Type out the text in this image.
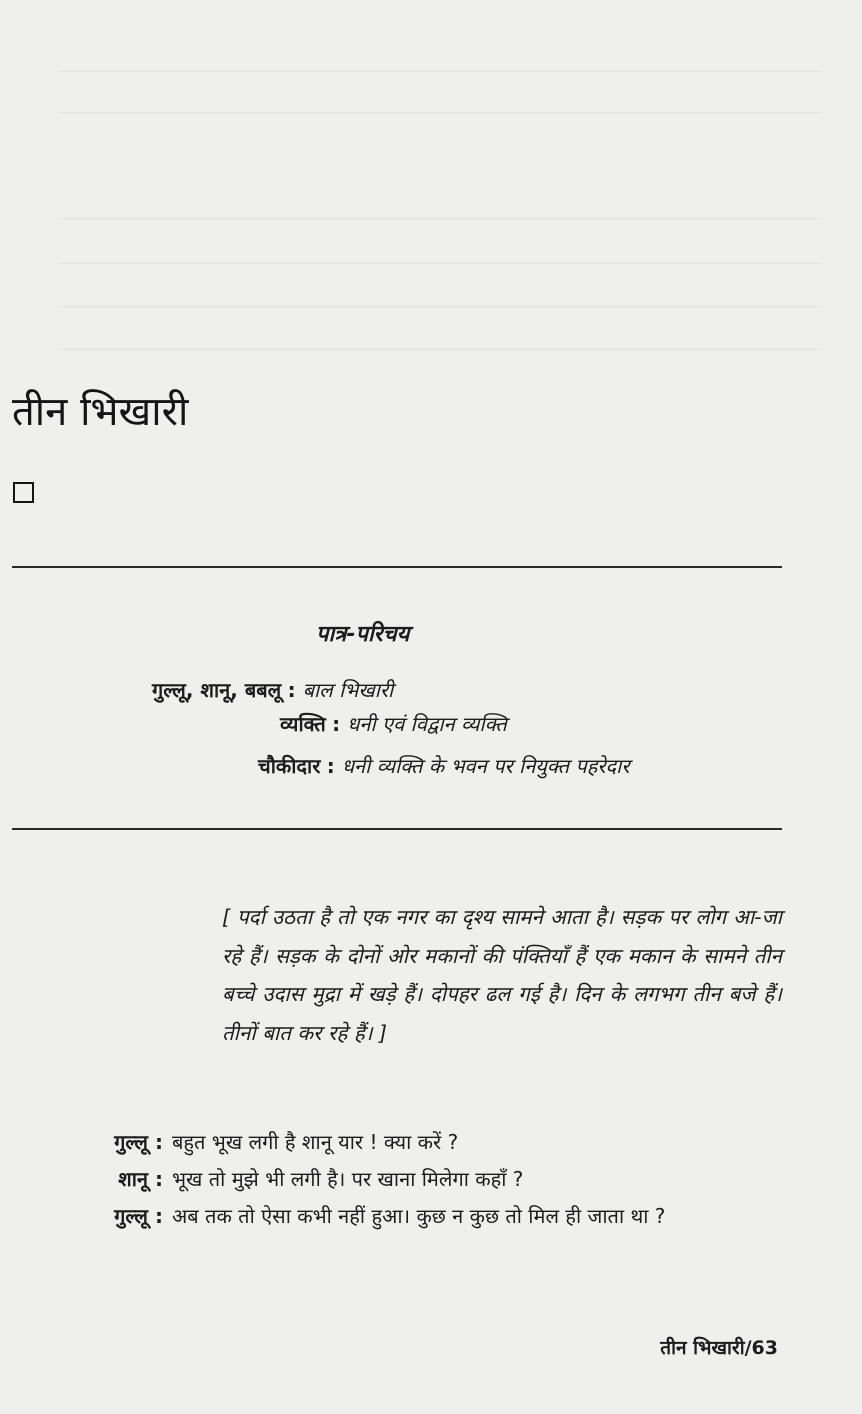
तीन भिखारी
पात्र-परिचय
गुल्लू, शानू, बबलू : बाल भिखारी
व्यक्ति : धनी एवं विद्वान व्यक्ति
चौकीदार : धनी व्यक्ति के भवन पर नियुक्त पहरेदार
[ पर्दा उठता है तो एक नगर का दृश्य सामने आता है। सड़क पर लोग आ-जा रहे हैं। सड़क के दोनों ओर मकानों की पंक्तियाँ हैं एक मकान के सामने तीन बच्चे उदास मुद्रा में खड़े हैं। दोपहर ढल गई है। दिन के लगभग तीन बजे हैं। तीनों बात कर रहे हैं। ]
गुल्लू : बहुत भूख लगी है शानू यार ! क्या करें ?
शानू : भूख तो मुझे भी लगी है। पर खाना मिलेगा कहाँ ?
गुल्लू : अब तक तो ऐसा कभी नहीं हुआ। कुछ न कुछ तो मिल ही जाता था ?
तीन भिखारी/63
